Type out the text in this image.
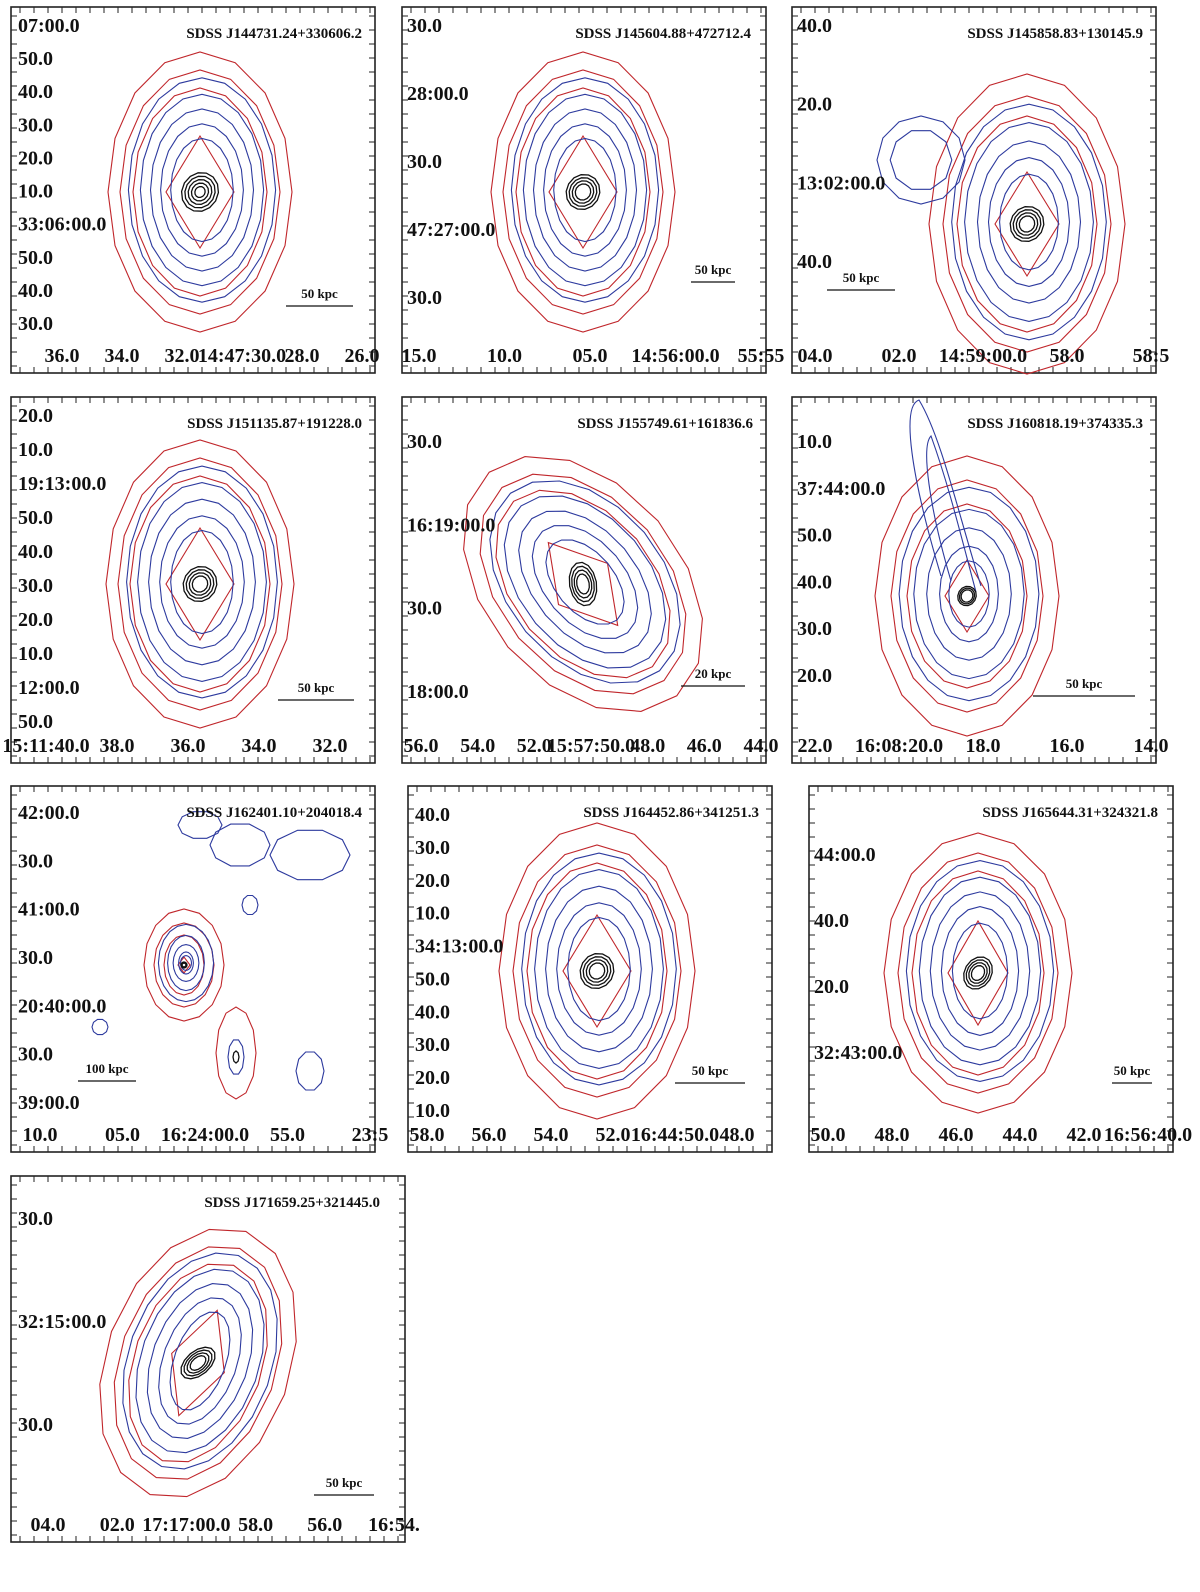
SDSS J144731.24+330606.2
07:00.0
50.0
40.0
30.0
20.0
10.0
33:06:00.0
50.0
40.0
30.0
36.0 34.0 32.0
14:47:30.0
28.0 26.0
50 kpc
SDSS J145604.88+472712.4
30.0
28:00.0
30.0
47:27:00.0
30.0
15.0	10.0	05.0 14:56:00.0 55:55
50 kpc
SDSS J145858.83+130145.9
40.0
20.0
13:02:00.0
40.0
04.0 02.0 14:59:00.0 58.0 58:5
50 kpc
SDSS J151135.87+191228.0
20.0
10.0
19:13:00.0
50.0
40.0
30.0
20.0
10.0
12:00.0
50.0
15:11:40.0 38.0 36.0 34.0 32.0
50 kpc
SDSS J155749.61+161836.6
30.0
16:19:00.0
30.0
18:00.0
56.0 54.0 52.0
15:57:50.0
48.0 46.0 44.0
20 kpc
SDSS J160818.19+374335.3
10.0
37:44:00.0
50.0
40.0
30.0
20.0
22.0 16:08:20.0 18.0 16.0 14.0
50 kpc
SDSS J162401.10+204018.4
42:00.0
30.0
41:00.0
30.0
20:40:00.0
30.0
39:00.0
10.0 05.0 16:24:00.0 55.0 23:5
100 kpc
SDSS J164452.86+341251.3
40.0
30.0
20.0
10.0
34:13:00.0
50.0
40.0
30.0
20.0
10.0
58.0 56.0 54.0 52.0 16:44:50.0 48.0
50 kpc
SDSS J165644.31+324321.8
44:00.0
40.0
20.0
32:43:00.0
50.0 48.0 46.0 44.0 42.0 16:56:40.0
50 kpc
SDSS J171659.25+321445.0
30.0
32:15:00.0
30.0
04.0 02.0 17:17:00.0 58.0 56.0 16:54.
50 kpc
